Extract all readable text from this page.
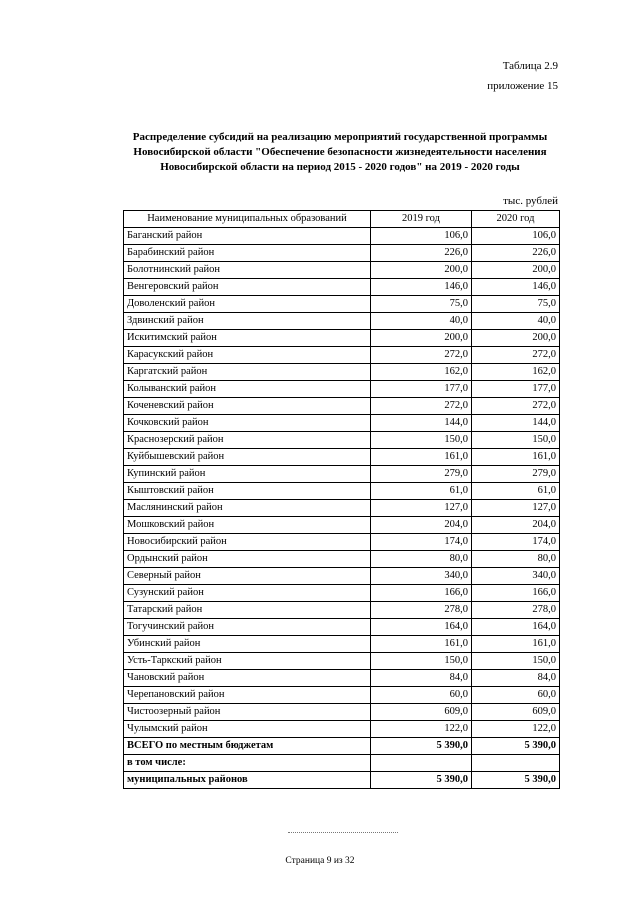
Таблица 2.9
приложение 15
Распределение субсидий на реализацию мероприятий государственной программы Новосибирской области "Обеспечение безопасности жизнедеятельности населения Новосибирской области на период 2015 - 2020 годов" на 2019 - 2020 годы
тыс. рублей
Наименование муниципальных образований	2019 год	2020 год
Баганский район	106,0	106,0
Барабинский район	226,0	226,0
Болотнинский район	200,0	200,0
Венгеровский район	146,0	146,0
Доволенский район	75,0	75,0
Здвинский район	40,0	40,0
Искитимский район	200,0	200,0
Карасукский район	272,0	272,0
Каргатский район	162,0	162,0
Колыванский район	177,0	177,0
Коченевский район	272,0	272,0
Кочковский район	144,0	144,0
Краснозерский район	150,0	150,0
Куйбышевский район	161,0	161,0
Купинский район	279,0	279,0
Кыштовский район	61,0	61,0
Маслянинский район	127,0	127,0
Мошковский район	204,0	204,0
Новосибирский район	174,0	174,0
Ордынский район	80,0	80,0
Северный район	340,0	340,0
Сузунский район	166,0	166,0
Татарский район	278,0	278,0
Тогучинский район	164,0	164,0
Убинский район	161,0	161,0
Усть-Таркский район	150,0	150,0
Чановский район	84,0	84,0
Черепановский район	60,0	60,0
Чистоозерный район	609,0	609,0
Чулымский район	122,0	122,0
ВСЕГО по местным бюджетам	5 390,0	5 390,0
в том числе:		
муниципальных районов	5 390,0	5 390,0
Страница 9 из 32
